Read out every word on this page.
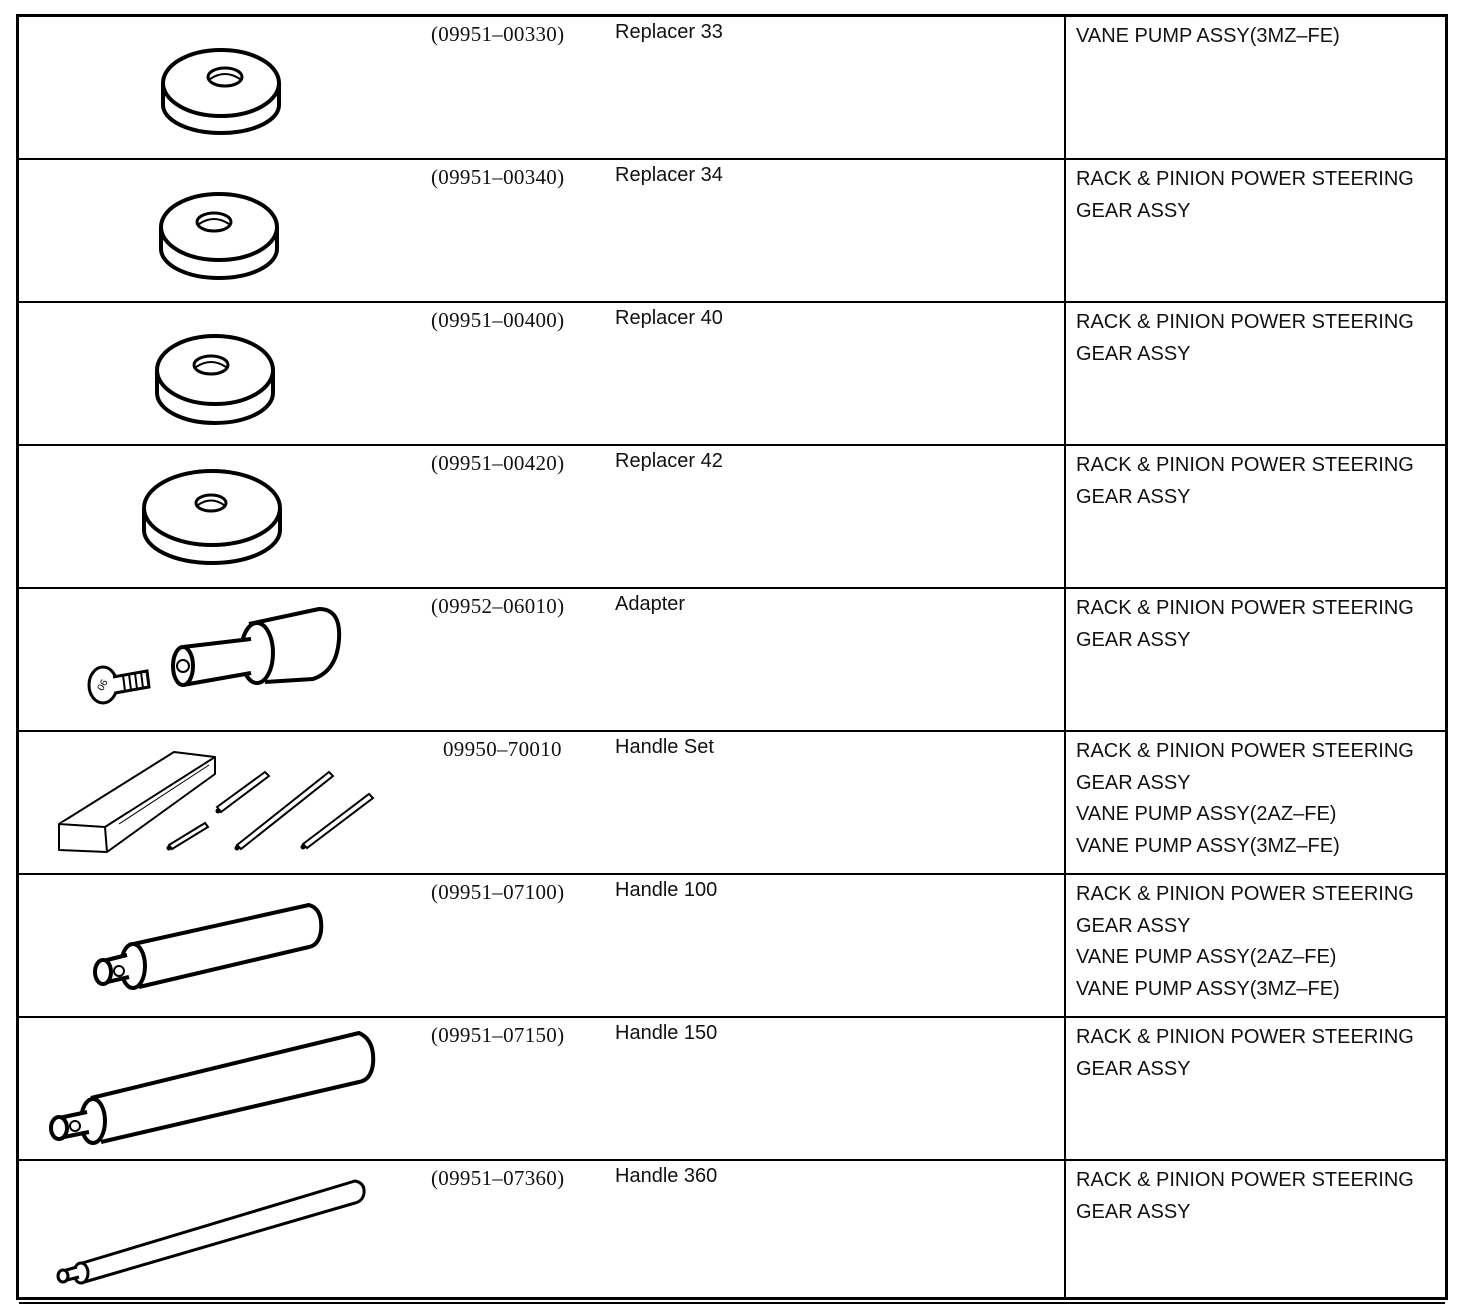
(09951–00330)	Replacer 33	VANE PUMP ASSY(3MZ–FE)
(09951–00340)	Replacer 34	RACK & PINION POWER STEERING
GEAR ASSY
(09951–00400)	Replacer 40	RACK & PINION POWER STEERING
GEAR ASSY
(09951–00420)	Replacer 42	RACK & PINION POWER STEERING
GEAR ASSY
06
(09952–06010)	Adapter	RACK & PINION POWER STEERING
GEAR ASSY
09950–70010	Handle Set	RACK & PINION POWER STEERING
GEAR ASSY
VANE PUMP ASSY(2AZ–FE)
VANE PUMP ASSY(3MZ–FE)
(09951–07100)	Handle 100	RACK & PINION POWER STEERING
GEAR ASSY
VANE PUMP ASSY(2AZ–FE)
VANE PUMP ASSY(3MZ–FE)
(09951–07150)	Handle 150	RACK & PINION POWER STEERING
GEAR ASSY
(09951–07360)	Handle 360	RACK & PINION POWER STEERING
GEAR ASSY
